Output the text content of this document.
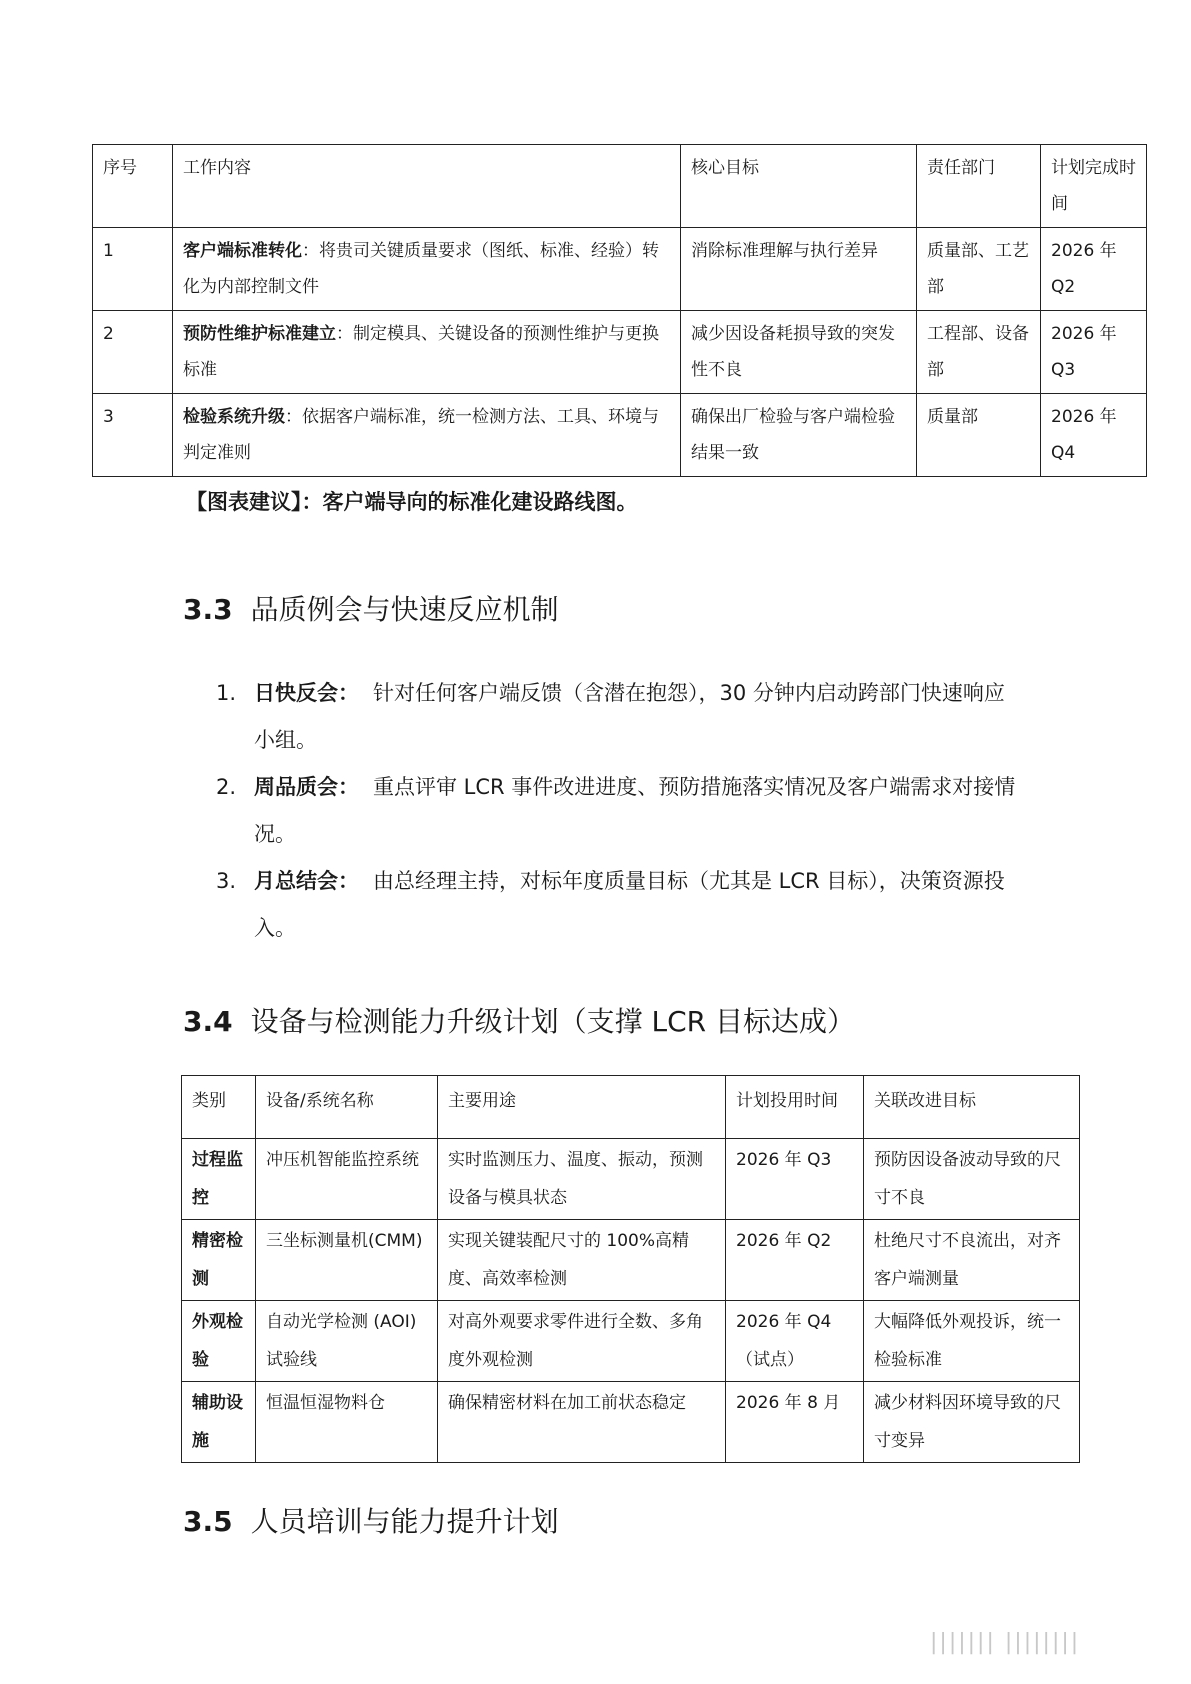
序号	工作内容	核心目标	责任部门	计划完成时间
1	客户端标准转化：将贵司关键质量要求（图纸、标准、经验）转化为内部控制文件	消除标准理解与执行差异	质量部、工艺部	2026 年 Q2
2	预防性维护标准建立：制定模具、关键设备的预测性维护与更换标准	减少因设备耗损导致的突发性不良	工程部、设备部	2026 年 Q3
3	检验系统升级：依据客户端标准，统一检测方法、工具、环境与判定准则	确保出厂检验与客户端检验结果一致	质量部	2026 年 Q4
【图表建议】：客户端导向的标准化建设路线图。
3.3 品质例会与快速反应机制
1. 日快反会： 针对任何客户端反馈（含潜在抱怨），30 分钟内启动跨部门快速响应小组。
2. 周品质会： 重点评审 LCR 事件改进进度、预防措施落实情况及客户端需求对接情况。
3. 月总结会： 由总经理主持，对标年度质量目标（尤其是 LCR 目标），决策资源投入。
3.4 设备与检测能力升级计划（支撑 LCR 目标达成）
类别	设备/系统名称	主要用途	计划投用时间	关联改进目标
过程监控	冲压机智能监控系统	实时监测压力、温度、振动，预测设备与模具状态	2026 年 Q3	预防因设备波动导致的尺寸不良
精密检测	三坐标测量机(CMM)	实现关键装配尺寸的 100%高精度、高效率检测	2026 年 Q2	杜绝尺寸不良流出，对齐客户端测量
外观检验	自动光学检测 (AOI) 试验线	对高外观要求零件进行全数、多角度外观检测	2026 年 Q4（试点）	大幅降低外观投诉，统一检验标准
辅助设施	恒温恒湿物料仓	确保精密材料在加工前状态稳定	2026 年 8 月	减少材料因环境导致的尺寸变异
3.5 人员培训与能力提升计划
||||||| ||||||||
